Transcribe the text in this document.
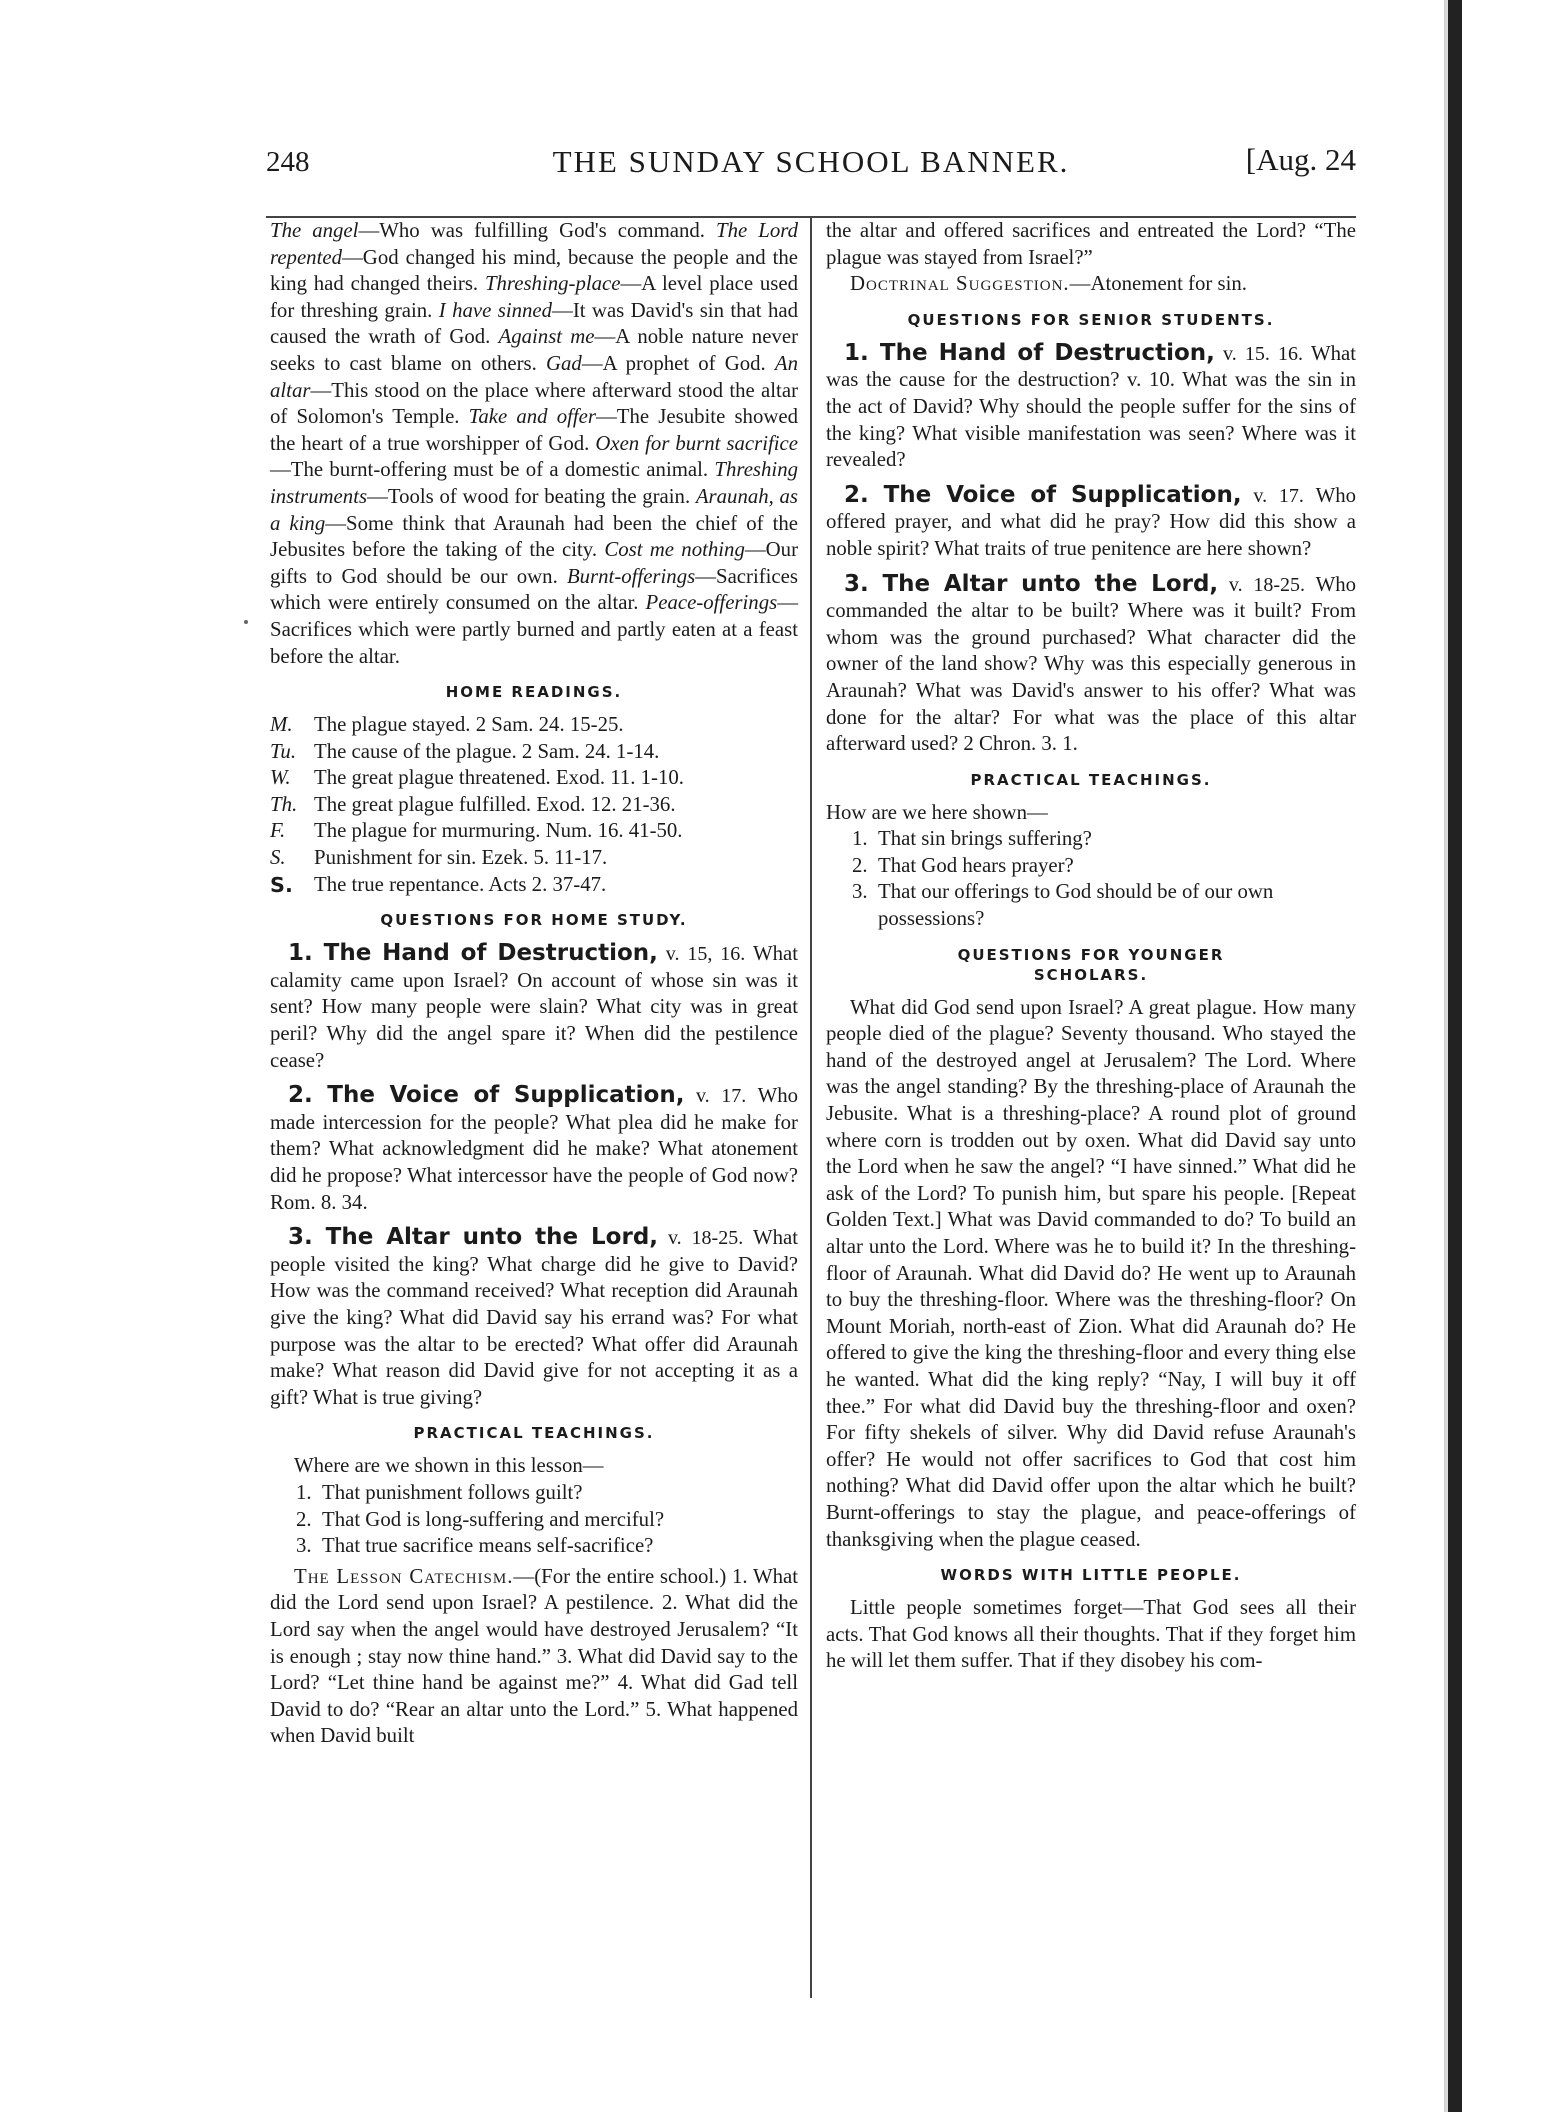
248	THE SUNDAY SCHOOL BANNER.	[Aug. 24

The angel—Who was fulfilling God's command. The Lord repented—God changed his mind, because the people and the king had changed theirs. Threshing-place—A level place used for threshing grain. I have sinned—It was David's sin that had caused the wrath of God. Against me—A noble nature never seeks to cast blame on others. Gad—A prophet of God. An altar—This stood on the place where afterward stood the altar of Solomon's Temple. Take and offer—The Jesubite showed the heart of a true worshipper of God. Oxen for burnt sacrifice—The burnt-offering must be of a domestic animal. Threshing instruments—Tools of wood for beating the grain. Araunah, as a king—Some think that Araunah had been the chief of the Jebusites before the taking of the city. Cost me nothing—Our gifts to God should be our own. Burnt-offerings—Sacrifices which were entirely consumed on the altar. Peace-offerings—Sacrifices which were partly burned and partly eaten at a feast before the altar.

HOME READINGS.
M.	The plague stayed. 2 Sam. 24. 15-25.
Tu. The cause of the plague. 2 Sam. 24. 1-14.
W.	The great plague threatened. Exod. 11. 1-10.
Th. The great plague fulfilled. Exod. 12. 21-36.
F.	The plague for murmuring. Num. 16. 41-50.
S.	Punishment for sin. Ezek. 5. 11-17.
S.	The true repentance. Acts 2. 37-47.
QUESTIONS FOR HOME STUDY.

1. The Hand of Destruction, v. 15, 16. What calamity came upon Israel? On account of whose sin was it sent? How many people were slain? What city was in great peril? Why did the angel spare it? When did the pestilence cease?

2. The Voice of Supplication, v. 17. Who made intercession for the people? What plea did he make for them? What acknowledgment did he make? What atonement did he propose? What intercessor have the people of God now? Rom. 8. 34.

3. The Altar unto the Lord, v. 18-25. What people visited the king? What charge did he give to David? How was the command received? What reception did Araunah give the king? What did David say his errand was? For what purpose was the altar to be erected? What offer did Araunah make? What reason did David give for not accepting it as a gift? What is true giving?

PRACTICAL TEACHINGS.

Where are we shown in this lesson—

1. That punishment follows guilt?
2. That God is long-suffering and merciful?
3. That true sacrifice means self-sacrifice?

The Lesson Catechism.—(For the entire school.) 1. What did the Lord send upon Israel? A pestilence. 2. What did the Lord say when the angel would have destroyed Jerusalem? “It is enough ; stay now thine hand.” 3. What did David say to the Lord? “Let thine hand be against me?” 4. What did Gad tell David to do? “Rear an altar unto the Lord.” 5. What happened when David built

the altar and offered sacrifices and entreated the Lord? “The plague was stayed from Israel?”

Doctrinal Suggestion.—Atonement for sin.

QUESTIONS FOR SENIOR STUDENTS.

1. The Hand of Destruction, v. 15. 16. What was the cause for the destruction? v. 10. What was the sin in the act of David? Why should the people suffer for the sins of the king? What visible manifestation was seen? Where was it revealed?

2. The Voice of Supplication, v. 17. Who offered prayer, and what did he pray? How did this show a noble spirit? What traits of true penitence are here shown?

3. The Altar unto the Lord, v. 18-25. Who commanded the altar to be built? Where was it built? From whom was the ground purchased? What character did the owner of the land show? Why was this especially generous in Araunah? What was David's answer to his offer? What was done for the altar? For what was the place of this altar afterward used? 2 Chron. 3. 1.

PRACTICAL TEACHINGS.

How are we here shown—

1. That sin brings suffering?
2. That God hears prayer?
3. That our offerings to God should be of our own possessions?
QUESTIONS FOR YOUNGER SCHOLARS.

What did God send upon Israel? A great plague. How many people died of the plague? Seventy thousand. Who stayed the hand of the destroyed angel at Jerusalem? The Lord. Where was the angel standing? By the threshing-place of Araunah the Jebusite. What is a threshing-place? A round plot of ground where corn is trodden out by oxen. What did David say unto the Lord when he saw the angel? “I have sinned.” What did he ask of the Lord? To punish him, but spare his people. [Repeat Golden Text.] What was David commanded to do? To build an altar unto the Lord. Where was he to build it? In the threshing-floor of Araunah. What did David do? He went up to Araunah to buy the threshing-floor. Where was the threshing-floor? On Mount Moriah, north-east of Zion. What did Araunah do? He offered to give the king the threshing-floor and every thing else he wanted. What did the king reply? “Nay, I will buy it off thee.” For what did David buy the threshing-floor and oxen? For fifty shekels of silver. Why did David refuse Araunah's offer? He would not offer sacrifices to God that cost him nothing? What did David offer upon the altar which he built? Burnt-offerings to stay the plague, and peace-offerings of thanksgiving when the plague ceased.

WORDS WITH LITTLE PEOPLE.

Little people sometimes forget—That God sees all their acts. That God knows all their thoughts. That if they forget him he will let them suffer. That if they disobey his com-
